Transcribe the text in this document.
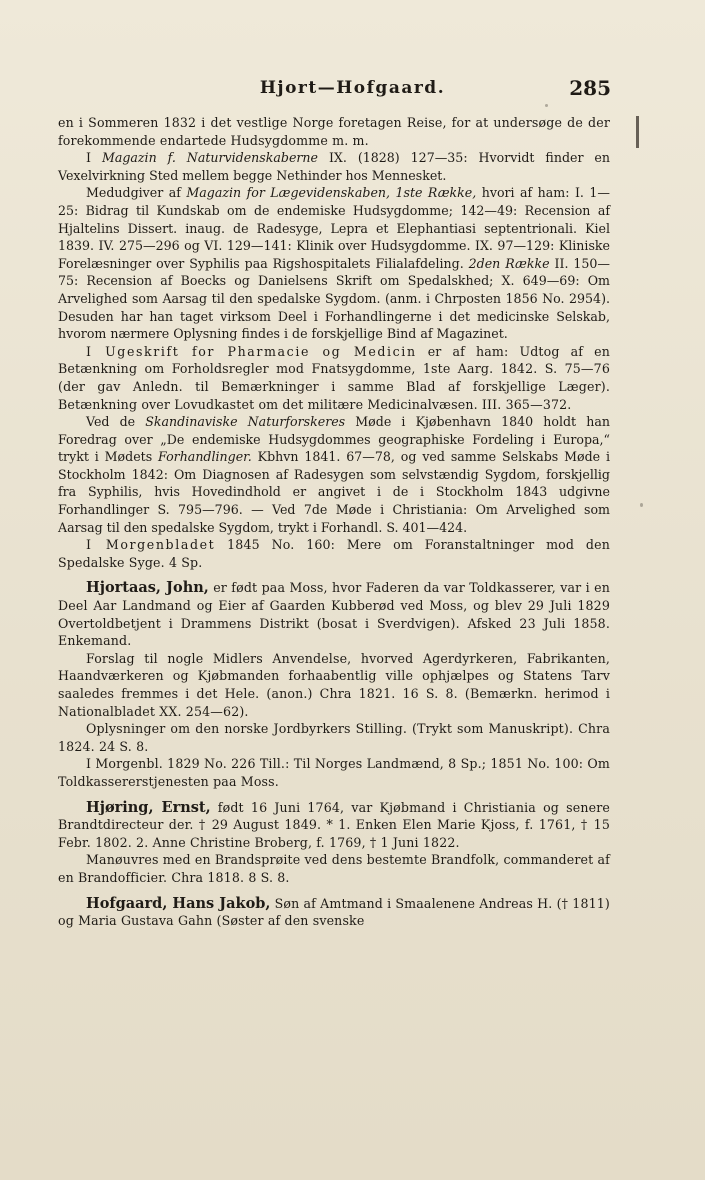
Hjort—Hofgaard.	285

en i Sommeren 1832 i det vestlige Norge foretagen Reise, for at undersøge de der forekommende endartede Hudsygdomme m. m.

I Magazin f. Naturvidenskaberne IX. (1828) 127—35: Hvorvidt finder en Vexelvirkning Sted mellem begge Nethinder hos Mennesket.

Medudgiver af Magazin for Lægevidenskaben, 1ste Række, hvori af ham: I. 1—25: Bidrag til Kundskab om de endemiske Hudsygdomme; 142—49: Recension af Hjaltelins Dissert. inaug. de Radesyge, Lepra et Elephantiasi septentrionali. Kiel 1839. IV. 275—296 og VI. 129—141: Klinik over Hudsygdomme. IX. 97—129: Kliniske Forelæsninger over Syphilis paa Rigshospitalets Filialafdeling. 2den Række II. 150—75: Recension af Boecks og Danielsens Skrift om Spedalskhed; X. 649—69: Om Arvelighed som Aarsag til den spedalske Sygdom. (anm. i Chrposten 1856 No. 2954). Desuden har han taget virksom Deel i Forhandlingerne i det medicinske Selskab, hvorom nærmere Oplysning findes i de forskjellige Bind af Magazinet.

I Ugeskrift for Pharmacie og Medicin er af ham: Udtog af en Betænkning om Forholdsregler mod Fnatsygdomme, 1ste Aarg. 1842. S. 75—76 (der gav Anledn. til Bemærkninger i samme Blad af forskjellige Læger). Betænkning over Lovudkastet om det militære Medicinalvæsen. III. 365—372.

Ved de Skandinaviske Naturforskeres Møde i Kjøbenhavn 1840 holdt han Foredrag over „De endemiske Hudsygdommes geographiske Fordeling i Europa,“ trykt i Mødets Forhandlinger. Kbhvn 1841. 67—78, og ved samme Selskabs Møde i Stockholm 1842: Om Diagnosen af Radesygen som selvstændig Sygdom, forskjellig fra Syphilis, hvis Hovedindhold er angivet i de i Stockholm 1843 udgivne Forhandlinger S. 795—796. — Ved 7de Møde i Christiania: Om Arvelighed som Aarsag til den spedalske Sygdom, trykt i Forhandl. S. 401—424.

I Morgenbladet 1845 No. 160: Mere om Foranstaltninger mod den Spedalske Syge. 4 Sp.

Hjortaas, John, er født paa Moss, hvor Faderen da var Toldkasserer, var i en Deel Aar Landmand og Eier af Gaarden Kubberød ved Moss, og blev 29 Juli 1829 Overtoldbetjent i Drammens Distrikt (bosat i Sverdvigen). Afsked 23 Juli 1858. Enkemand.

Forslag til nogle Midlers Anvendelse, hvorved Agerdyrkeren, Fabrikanten, Haandværkeren og Kjøbmanden forhaabentlig ville ophjælpes og Statens Tarv saaledes fremmes i det Hele. (anon.) Chra 1821. 16 S. 8. (Bemærkn. herimod i Nationalbladet XX. 254—62).

Oplysninger om den norske Jordbyrkers Stilling. (Trykt som Manuskript). Chra 1824. 24 S. 8.

I Morgenbl. 1829 No. 226 Till.: Til Norges Landmænd, 8 Sp.; 1851 No. 100: Om Toldkassererstjenesten paa Moss.

Hjøring, Ernst, født 16 Juni 1764, var Kjøbmand i Christiania og senere Brandtdirecteur der. † 29 August 1849. * 1. Enken Elen Marie Kjoss, f. 1761, † 15 Febr. 1802. 2. Anne Christine Broberg, f. 1769, † 1 Juni 1822.

Manøuvres med en Brandsprøite ved dens bestemte Brandfolk, commanderet af en Brandofficier. Chra 1818. 8 S. 8.

Hofgaard, Hans Jakob, Søn af Amtmand i Smaalenene Andreas H. († 1811) og Maria Gustava Gahn (Søster af den svenske
